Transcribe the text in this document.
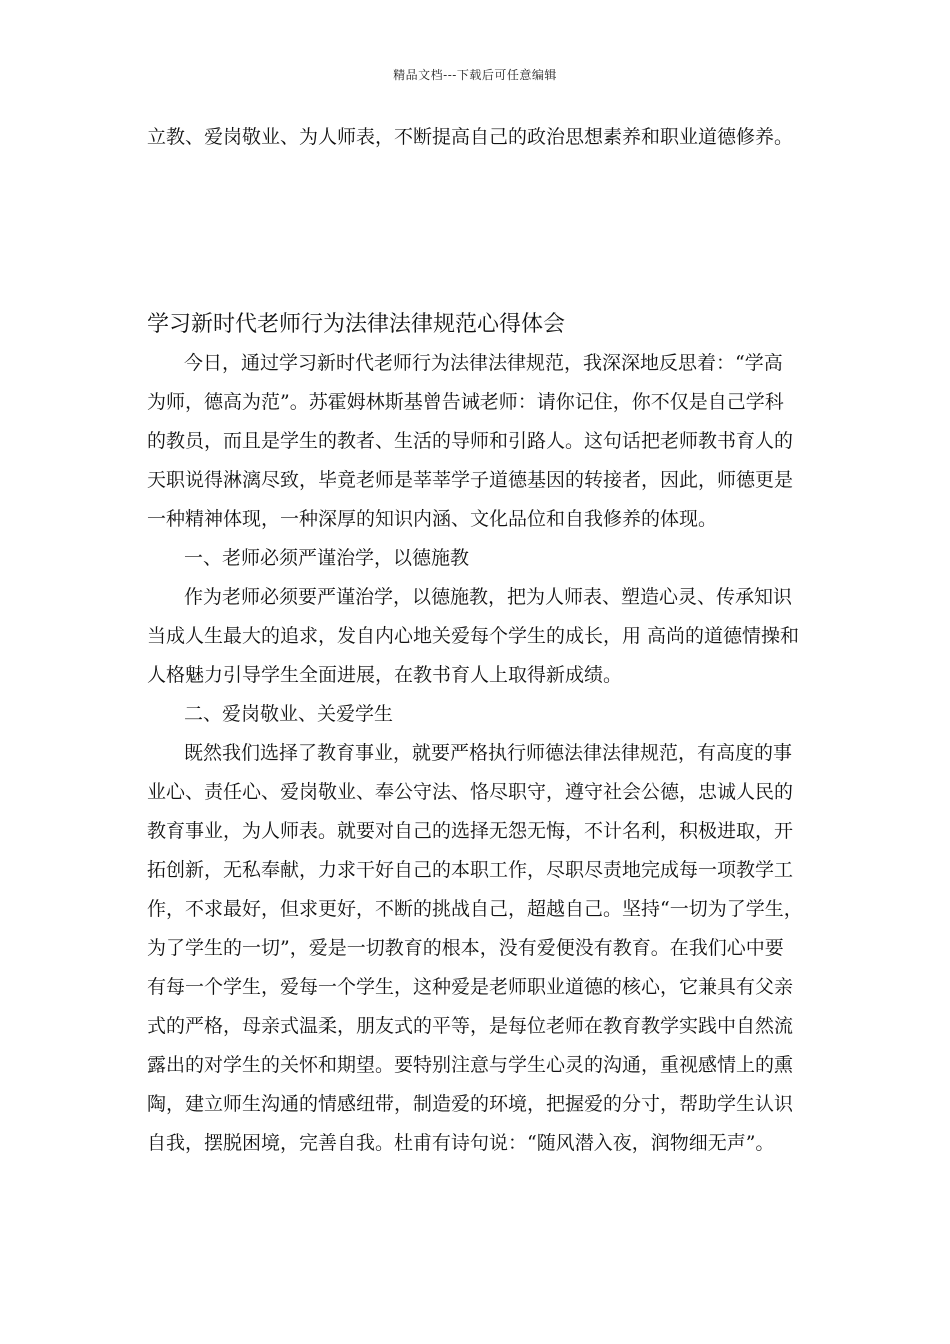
精品文档---下载后可任意编辑
立教、爱岗敬业、为人师表，不断提高自己的政治思想素养和职业道德修养。
学习新时代老师行为法律法律规范心得体会
今日，通过学习新时代老师行为法律法律规范，我深深地反思着：“学高
为师，德高为范”。苏霍姆林斯基曾告诫老师：请你记住，你不仅是自己学科
的教员，而且是学生的教者、生活的导师和引路人。这句话把老师教书育人的
天职说得淋漓尽致，毕竟老师是莘莘学子道德基因的转接者，因此，师德更是
一种精神体现，一种深厚的知识内涵、文化品位和自我修养的体现。
一、老师必须严谨治学，以德施教
作为老师必须要严谨治学，以德施教，把为人师表、塑造心灵、传承知识
当成人生最大的追求，发自内心地关爱每个学生的成长，用 高尚的道德情操和
人格魅力引导学生全面进展，在教书育人上取得新成绩。
二、爱岗敬业、关爱学生
既然我们选择了教育事业，就要严格执行师德法律法律规范，有高度的事
业心、责任心、爱岗敬业、奉公守法、恪尽职守，遵守社会公德，忠诚人民的
教育事业，为人师表。就要对自己的选择无怨无悔，不计名利，积极进取，开
拓创新，无私奉献，力求干好自己的本职工作，尽职尽责地完成每一项教学工
作，不求最好，但求更好，不断的挑战自己，超越自己。坚持“一切为了学生，
为了学生的一切”，爱是一切教育的根本，没有爱便没有教育。在我们心中要
有每一个学生，爱每一个学生，这种爱是老师职业道德的核心，它兼具有父亲
式的严格，母亲式温柔，朋友式的平等，是每位老师在教育教学实践中自然流
露出的对学生的关怀和期望。要特别注意与学生心灵的沟通，重视感情上的熏
陶，建立师生沟通的情感纽带，制造爱的环境，把握爱的分寸，帮助学生认识
自我，摆脱困境，完善自我。杜甫有诗句说：“随风潜入夜，润物细无声”。
